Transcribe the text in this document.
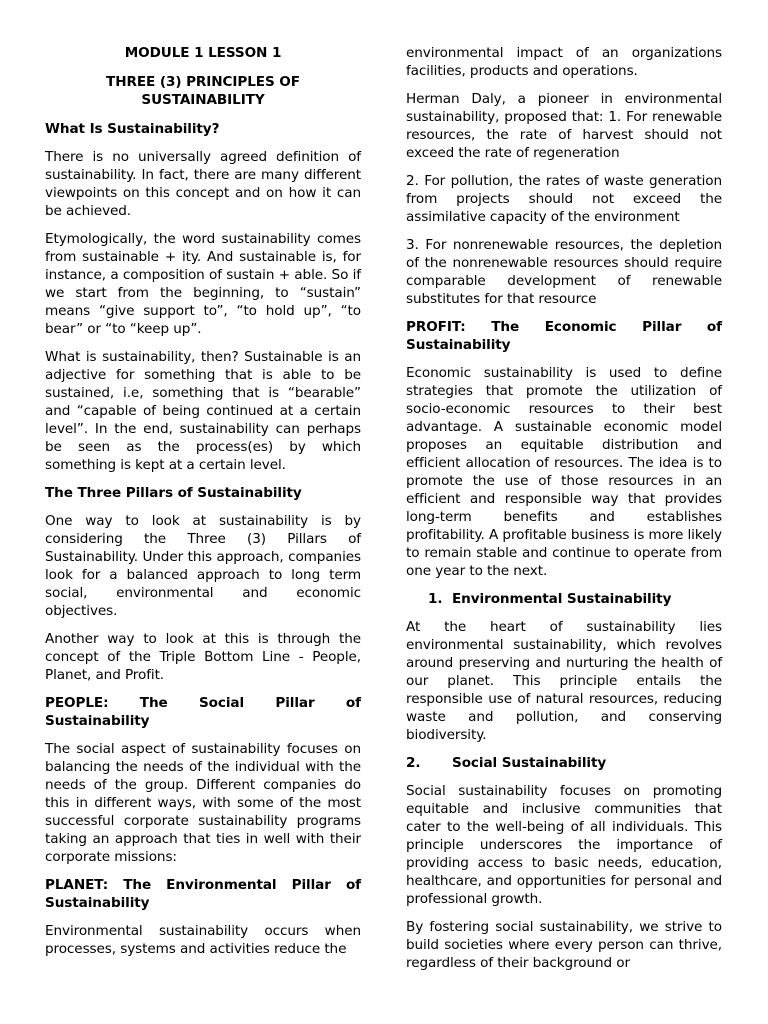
MODULE 1 LESSON 1

THREE (3) PRINCIPLES OF SUSTAINABILITY

What Is Sustainability?

There is no universally agreed definition of sustainability. In fact, there are many different viewpoints on this concept and on how it can be achieved.

Etymologically, the word sustainability comes from sustainable + ity. And sustainable is, for instance, a composition of sustain + able. So if we start from the beginning, to “sustain” means “give support to”, “to hold up”, “to bear” or “to “keep up”.

What is sustainability, then? Sustainable is an adjective for something that is able to be sustained, i.e, something that is “bearable” and “capable of being continued at a certain level”. In the end, sustainability can perhaps be seen as the process(es) by which something is kept at a certain level.

The Three Pillars of Sustainability

One way to look at sustainability is by considering the Three (3) Pillars of Sustainability. Under this approach, companies look for a balanced approach to long term social, environmental and economic objectives.

Another way to look at this is through the concept of the Triple Bottom Line - People, Planet, and Profit.

PEOPLE: The Social Pillar of Sustainability

The social aspect of sustainability focuses on balancing the needs of the individual with the needs of the group. Different companies do this in different ways, with some of the most successful corporate sustainability programs taking an approach that ties in well with their corporate missions:

PLANET: The Environmental Pillar of Sustainability

Environmental sustainability occurs when processes, systems and activities reduce the

environmental impact of an organizations facilities, products and operations.

Herman Daly, a pioneer in environmental sustainability, proposed that: 1. For renewable resources, the rate of harvest should not exceed the rate of regeneration

2. For pollution, the rates of waste generation from projects should not exceed the assimilative capacity of the environment

3. For nonrenewable resources, the depletion of the nonrenewable resources should require comparable development of renewable substitutes for that resource

PROFIT: The Economic Pillar of Sustainability

Economic sustainability is used to define strategies that promote the utilization of socio-economic resources to their best advantage. A sustainable economic model proposes an equitable distribution and efficient allocation of resources. The idea is to promote the use of those resources in an efficient and responsible way that provides long-term benefits and establishes profitability. A profitable business is more likely to remain stable and continue to operate from one year to the next.

1. Environmental Sustainability

At the heart of sustainability lies environmental sustainability, which revolves around preserving and nurturing the health of our planet. This principle entails the responsible use of natural resources, reducing waste and pollution, and conserving biodiversity.

2. Social Sustainability

Social sustainability focuses on promoting equitable and inclusive communities that cater to the well-being of all individuals. This principle underscores the importance of providing access to basic needs, education, healthcare, and opportunities for personal and professional growth.

By fostering social sustainability, we strive to build societies where every person can thrive, regardless of their background or
